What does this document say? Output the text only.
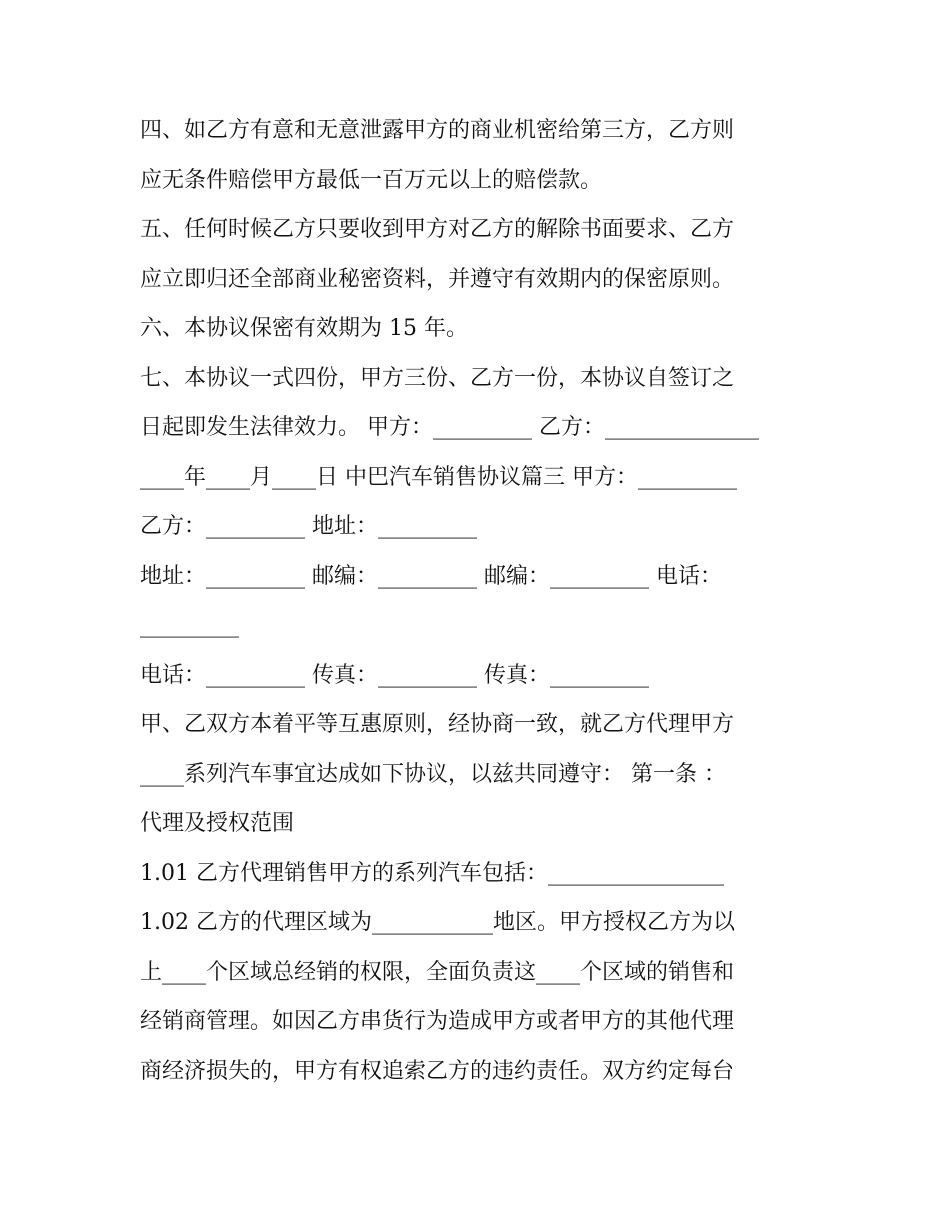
四、如乙方有意和无意泄露甲方的商业机密给第三方，乙方则
应无条件赔偿甲方最低一百万元以上的赔偿款。
五、任何时候乙方只要收到甲方对乙方的解除书面要求、乙方
应立即归还全部商业秘密资料，并遵守有效期内的保密原则。
六、本协议保密有效期为 15 年。
七、本协议一式四份，甲方三份、乙方一份，本协议自签订之
日起即发生法律效力。 甲方：_________ 乙方：______________
____年____月____日 中巴汽车销售协议篇三 甲方：_________
乙方：_________ 地址：_________
地址：_________ 邮编：_________ 邮编：_________ 电话：
_________
电话：_________ 传真：_________ 传真：_________
甲、乙双方本着平等互惠原则，经协商一致，就乙方代理甲方
____系列汽车事宜达成如下协议，以兹共同遵守： 第一条 ：
代理及授权范围
1.01 乙方代理销售甲方的系列汽车包括：________________
1.02 乙方的代理区域为___________地区。甲方授权乙方为以
上____个区域总经销的权限，全面负责这____个区域的销售和
经销商管理。如因乙方串货行为造成甲方或者甲方的其他代理
商经济损失的，甲方有权追索乙方的违约责任。双方约定每台
